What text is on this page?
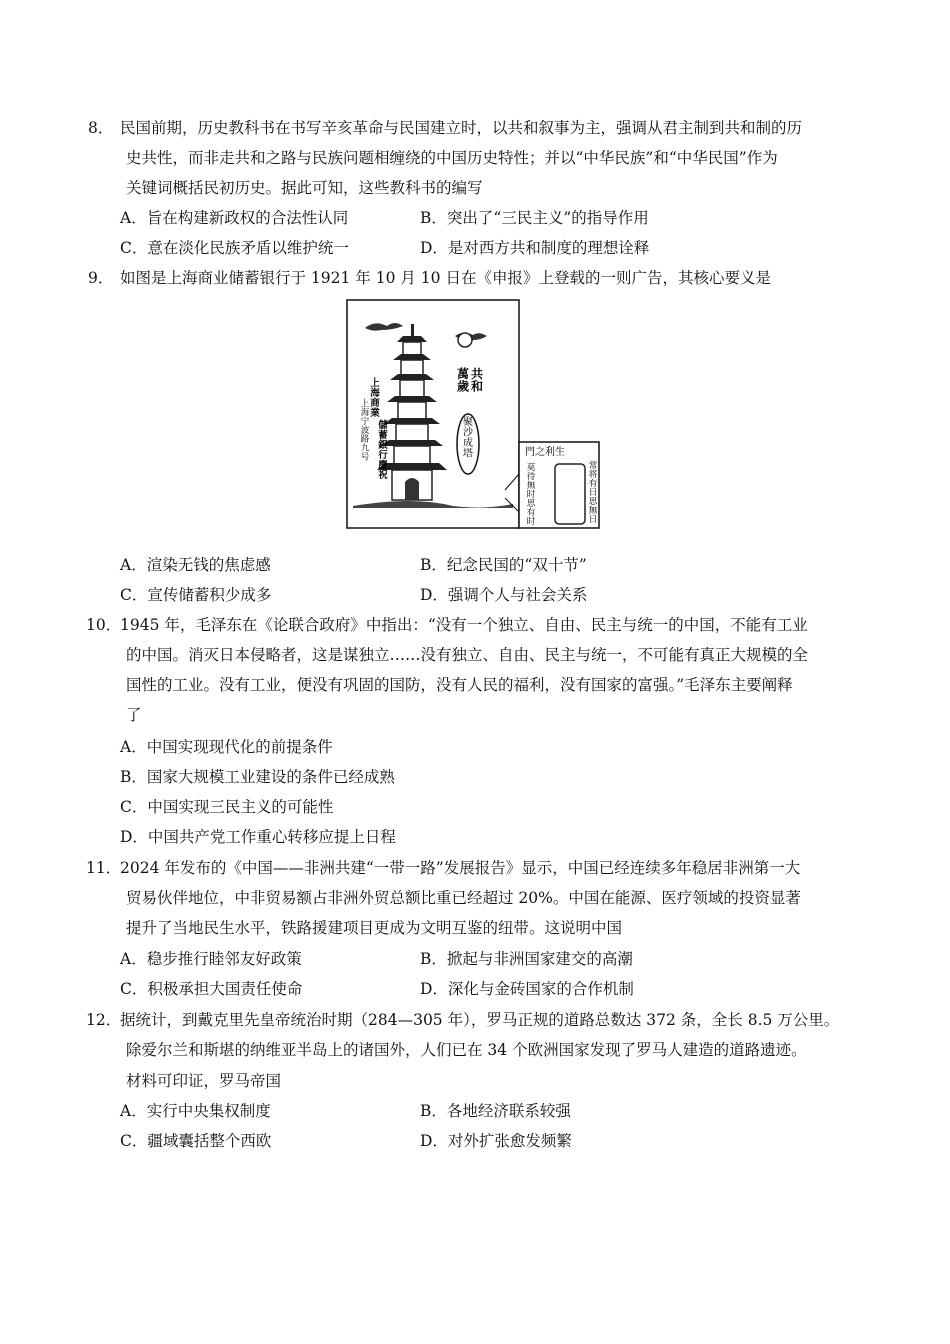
8． 民国前期，历史教科书在书写辛亥革命与民国建立时，以共和叙事为主，强调从君主制到共和制的历
史共性，而非走共和之路与民族问题相缠绕的中国历史特性；并以“中华民族”和“中华民国”作为
关键词概括民初历史。据此可知，这些教科书的编写
A．旨在构建新政权的合法性认同	B．突出了“三民主义”的指导作用
C．意在淡化民族矛盾以维护统一	D．是对西方共和制度的理想诠释
9． 如图是上海商业储蓄银行于 1921 年 10 月 10 日在《申报》上登载的一则广告，其核心要义是
共和
萬歲
聚沙成塔
上海商業
儲蓄銀行慶祝
上海宁波路九号	門之利生
莫待無时思有时
常将有日思無日
A．渲染无钱的焦虑感	B．纪念民国的“双十节”
C．宣传储蓄积少成多	D．强调个人与社会关系
10．
1945 年，毛泽东在《论联合政府》中指出：“没有一个独立、自由、民主与统一的中国，不能有工业
的中国。消灭日本侵略者，这是谋独立……没有独立、自由、民主与统一，不可能有真正大规模的全
国性的工业。没有工业，便没有巩固的国防，没有人民的福利，没有国家的富强。”毛泽东主要阐释
了
A．中国实现现代化的前提条件
B．国家大规模工业建设的条件已经成熟
C．中国实现三民主义的可能性
D．中国共产党工作重心转移应提上日程
11．
2024 年发布的《中国——非洲共建“一带一路”发展报告》显示，中国已经连续多年稳居非洲第一大
贸易伙伴地位，中非贸易额占非洲外贸总额比重已经超过 20%。中国在能源、医疗领域的投资显著
提升了当地民生水平，铁路援建项目更成为文明互鉴的纽带。这说明中国
A．稳步推行睦邻友好政策	B．掀起与非洲国家建交的高潮
C．积极承担大国责任使命	D．深化与金砖国家的合作机制
12．
据统计，到戴克里先皇帝统治时期（284—305 年），罗马正规的道路总数达 372 条，全长 8.5 万公里。
除爱尔兰和斯堪的纳维亚半岛上的诸国外，人们已在 34 个欧洲国家发现了罗马人建造的道路遗迹。
材料可印证，罗马帝国
A．实行中央集权制度	B．各地经济联系较强
C．疆域囊括整个西欧	D．对外扩张愈发频繁
